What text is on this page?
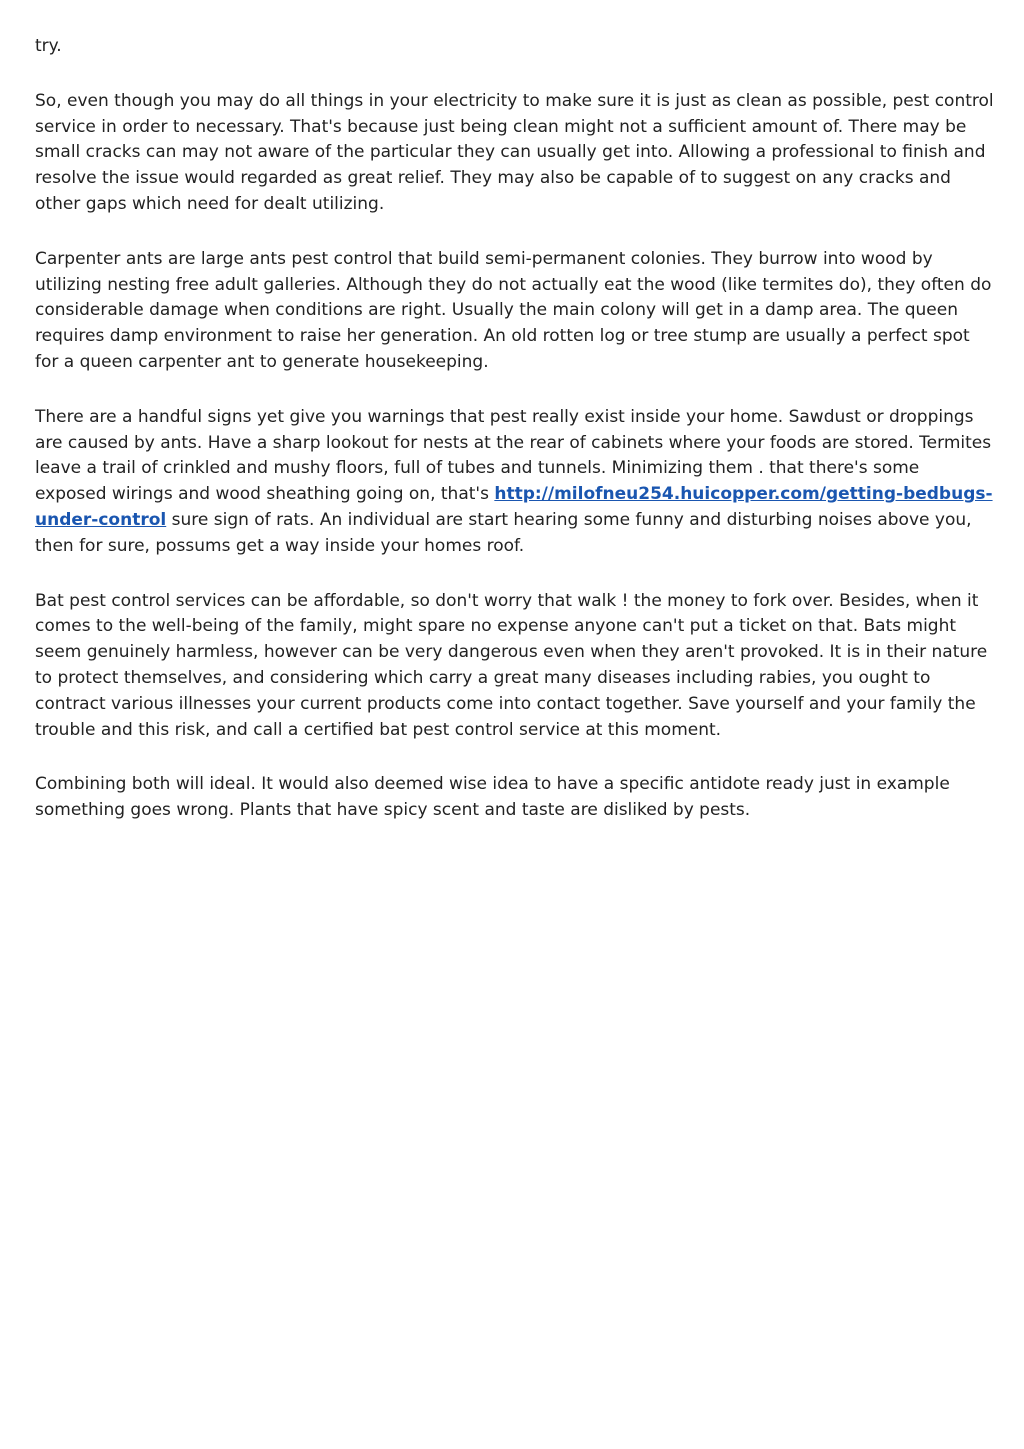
try.

So, even though you may do all things in your electricity to make sure it is just as clean as possible, pest control service in order to necessary. That's because just being clean might not a sufficient amount of. There may be small cracks can may not aware of the particular they can usually get into. Allowing a professional to finish and resolve the issue would regarded as great relief. They may also be capable of to suggest on any cracks and other gaps which need for dealt utilizing.

Carpenter ants are large ants pest control that build semi-permanent colonies. They burrow into wood by utilizing nesting free adult galleries. Although they do not actually eat the wood (like termites do), they often do considerable damage when conditions are right. Usually the main colony will get in a damp area. The queen requires damp environment to raise her generation. An old rotten log or tree stump are usually a perfect spot for a queen carpenter ant to generate housekeeping.

There are a handful signs yet give you warnings that pest really exist inside your home. Sawdust or droppings are caused by ants. Have a sharp lookout for nests at the rear of cabinets where your foods are stored. Termites leave a trail of crinkled and mushy floors, full of tubes and tunnels. Minimizing them . that there's some exposed wirings and wood sheathing going on, that's http://milofneu254.huicopper.com/getting-bedbugs-under-control sure sign of rats. An individual are start hearing some funny and disturbing noises above you, then for sure, possums get a way inside your homes roof.

Bat pest control services can be affordable, so don't worry that walk ! the money to fork over. Besides, when it comes to the well-being of the family, might spare no expense anyone can't put a ticket on that. Bats might seem genuinely harmless, however can be very dangerous even when they aren't provoked. It is in their nature to protect themselves, and considering which carry a great many diseases including rabies, you ought to contract various illnesses your current products come into contact together. Save yourself and your family the trouble and this risk, and call a certified bat pest control service at this moment.

Combining both will ideal. It would also deemed wise idea to have a specific antidote ready just in example something goes wrong. Plants that have spicy scent and taste are disliked by pests.
